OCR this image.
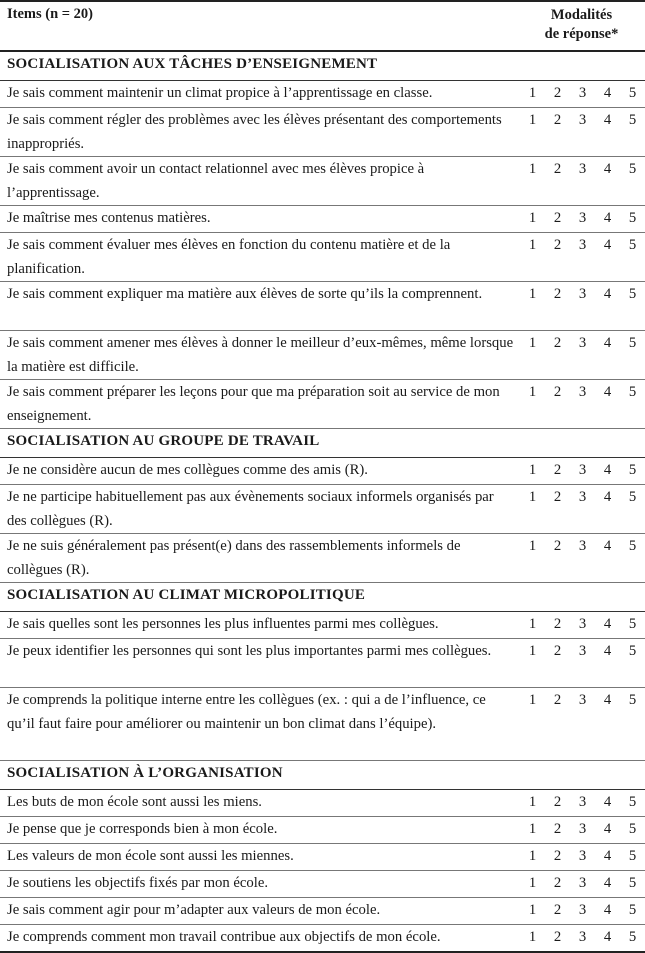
Items (n = 20)	Modalités
de réponse*				

SOCIALISATION AUX TÂCHES D’ENSEIGNEMENT					
Je sais comment maintenir un climat propice à l’apprentissage en classe.	1	2	3	4	5
Je sais comment régler des problèmes avec les élèves présentant des comportements inappropriés.	1	2	3	4	5
Je sais comment avoir un contact relationnel avec mes élèves propice à l’apprentissage.	1	2	3	4	5
Je maîtrise mes contenus matières.	1	2	3	4	5
Je sais comment évaluer mes élèves en fonction du contenu matière et de la planification.	1	2	3	4	5
Je sais comment expliquer ma matière aux élèves de sorte qu’ils la comprennent.	1	2	3	4	5
Je sais comment amener mes élèves à donner le meilleur d’eux-mêmes, même lorsque la matière est difficile.	1	2	3	4	5
Je sais comment préparer les leçons pour que ma préparation soit au service de mon enseignement.	1	2	3	4	5
SOCIALISATION AU GROUPE DE TRAVAIL					
Je ne considère aucun de mes collègues comme des amis (R).	1	2	3	4	5
Je ne participe habituellement pas aux évènements sociaux informels organisés par des collègues (R).	1	2	3	4	5
Je ne suis généralement pas présent(e) dans des rassemblements informels de collègues (R).	1	2	3	4	5
SOCIALISATION AU CLIMAT MICROPOLITIQUE					
Je sais quelles sont les personnes les plus influentes parmi mes collègues.	1	2	3	4	5
Je peux identifier les personnes qui sont les plus importantes parmi mes collègues.	1	2	3	4	5
Je comprends la politique interne entre les collègues (ex. : qui a de l’influence, ce qu’il faut faire pour améliorer ou maintenir un bon climat dans l’équipe).	1	2	3	4	5
SOCIALISATION À L’ORGANISATION					
Les buts de mon école sont aussi les miens.	1	2	3	4	5
Je pense que je corresponds bien à mon école.	1	2	3	4	5
Les valeurs de mon école sont aussi les miennes.	1	2	3	4	5
Je soutiens les objectifs fixés par mon école.	1	2	3	4	5
Je sais comment agir pour m’adapter aux valeurs de mon école.	1	2	3	4	5
Je comprends comment mon travail contribue aux objectifs de mon école.	1	2	3	4	5
